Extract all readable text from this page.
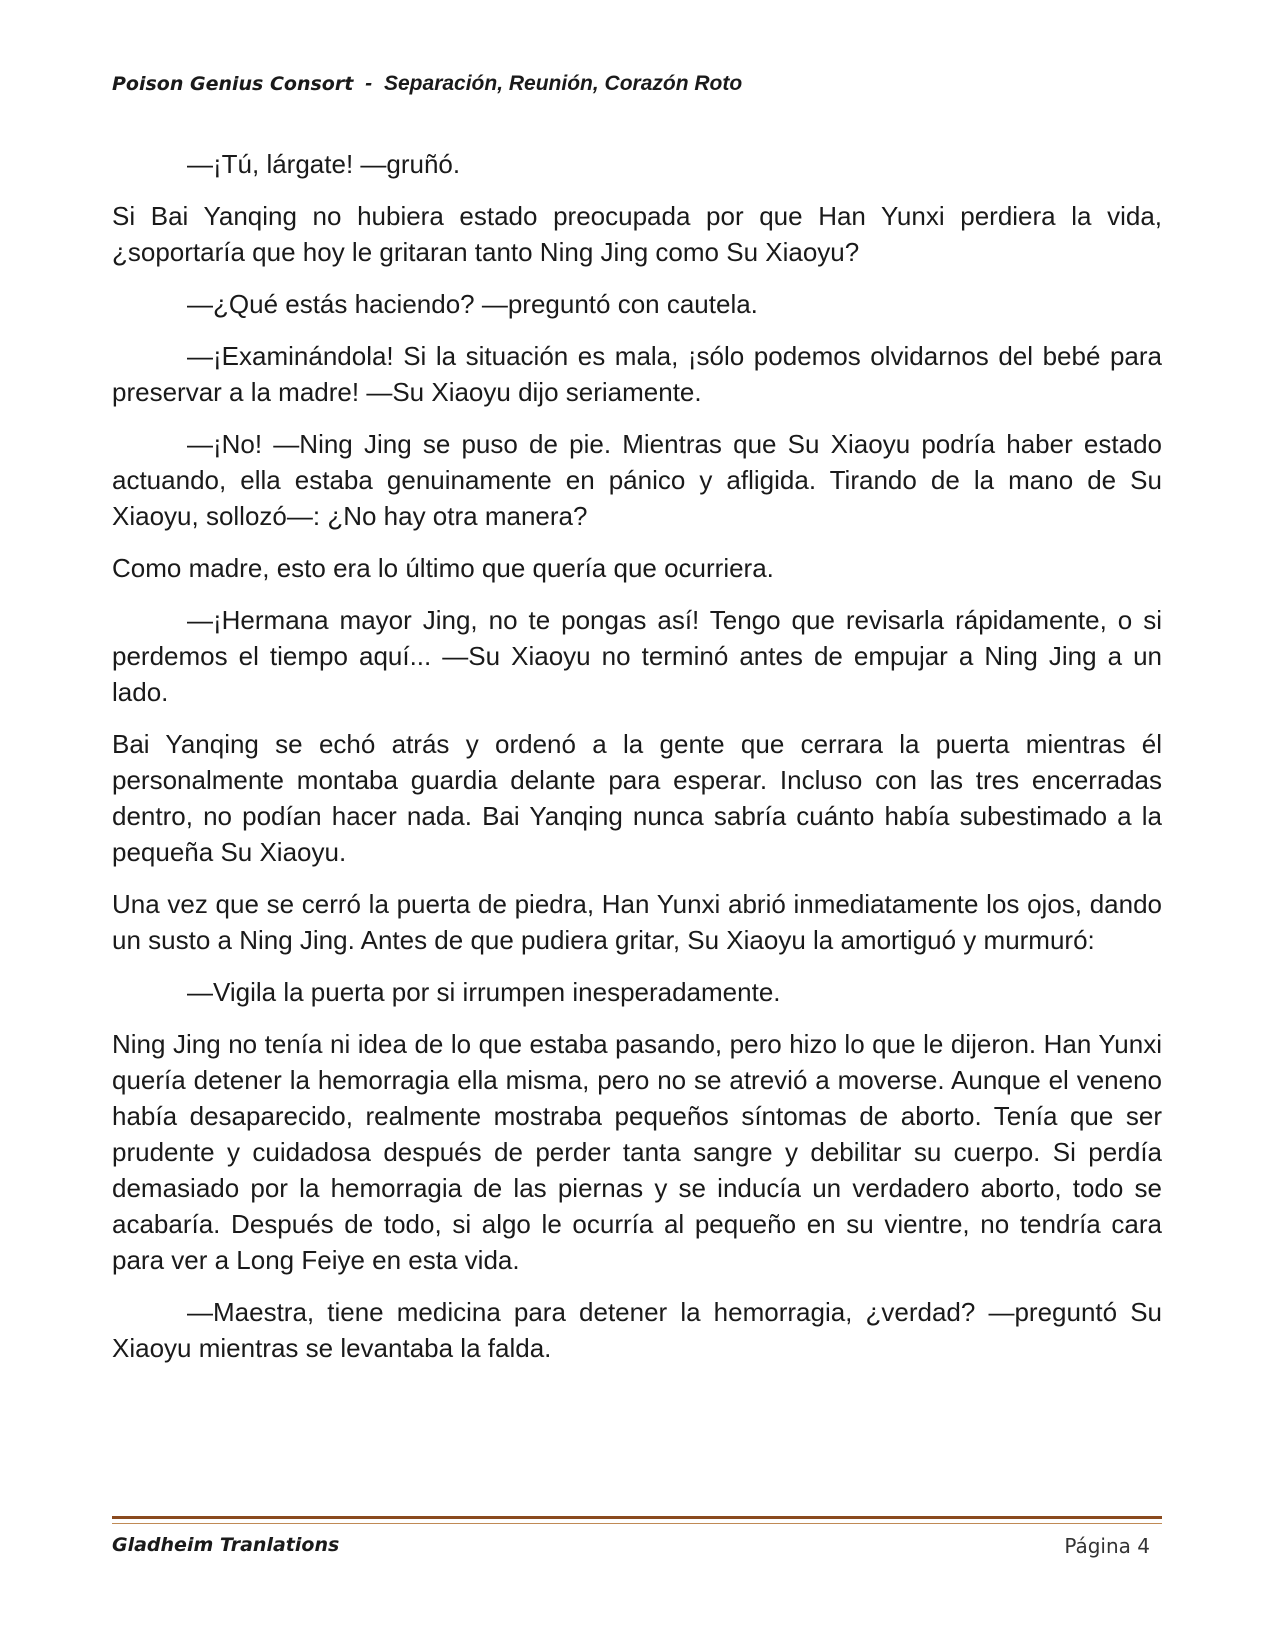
Poison Genius Consort - Separación, Reunión, Corazón Roto

—¡Tú, lárgate! —gruñó.

Si Bai Yanqing no hubiera estado preocupada por que Han Yunxi perdiera la vida, ¿soportaría que hoy le gritaran tanto Ning Jing como Su Xiaoyu?

—¿Qué estás haciendo? —preguntó con cautela.

—¡Examinándola! Si la situación es mala, ¡sólo podemos olvidarnos del bebé para preservar a la madre! —Su Xiaoyu dijo seriamente.

—¡No! —Ning Jing se puso de pie. Mientras que Su Xiaoyu podría haber estado actuando, ella estaba genuinamente en pánico y afligida. Tirando de la mano de Su Xiaoyu, sollozó—: ¿No hay otra manera?

Como madre, esto era lo último que quería que ocurriera.

—¡Hermana mayor Jing, no te pongas así! Tengo que revisarla rápidamente, o si perdemos el tiempo aquí... —Su Xiaoyu no terminó antes de empujar a Ning Jing a un lado.

Bai Yanqing se echó atrás y ordenó a la gente que cerrara la puerta mientras él personalmente montaba guardia delante para esperar. Incluso con las tres encerradas dentro, no podían hacer nada. Bai Yanqing nunca sabría cuánto había subestimado a la pequeña Su Xiaoyu.

Una vez que se cerró la puerta de piedra, Han Yunxi abrió inmediatamente los ojos, dando un susto a Ning Jing. Antes de que pudiera gritar, Su Xiaoyu la amortiguó y murmuró:

—Vigila la puerta por si irrumpen inesperadamente.

Ning Jing no tenía ni idea de lo que estaba pasando, pero hizo lo que le dijeron. Han Yunxi quería detener la hemorragia ella misma, pero no se atrevió a moverse. Aunque el veneno había desaparecido, realmente mostraba pequeños síntomas de aborto. Tenía que ser prudente y cuidadosa después de perder tanta sangre y debilitar su cuerpo. Si perdía demasiado por la hemorragia de las piernas y se inducía un verdadero aborto, todo se acabaría. Después de todo, si algo le ocurría al pequeño en su vientre, no tendría cara para ver a Long Feiye en esta vida.

—Maestra, tiene medicina para detener la hemorragia, ¿verdad? —preguntó Su Xiaoyu mientras se levantaba la falda.

Gladheim Tranlations	Página 4
